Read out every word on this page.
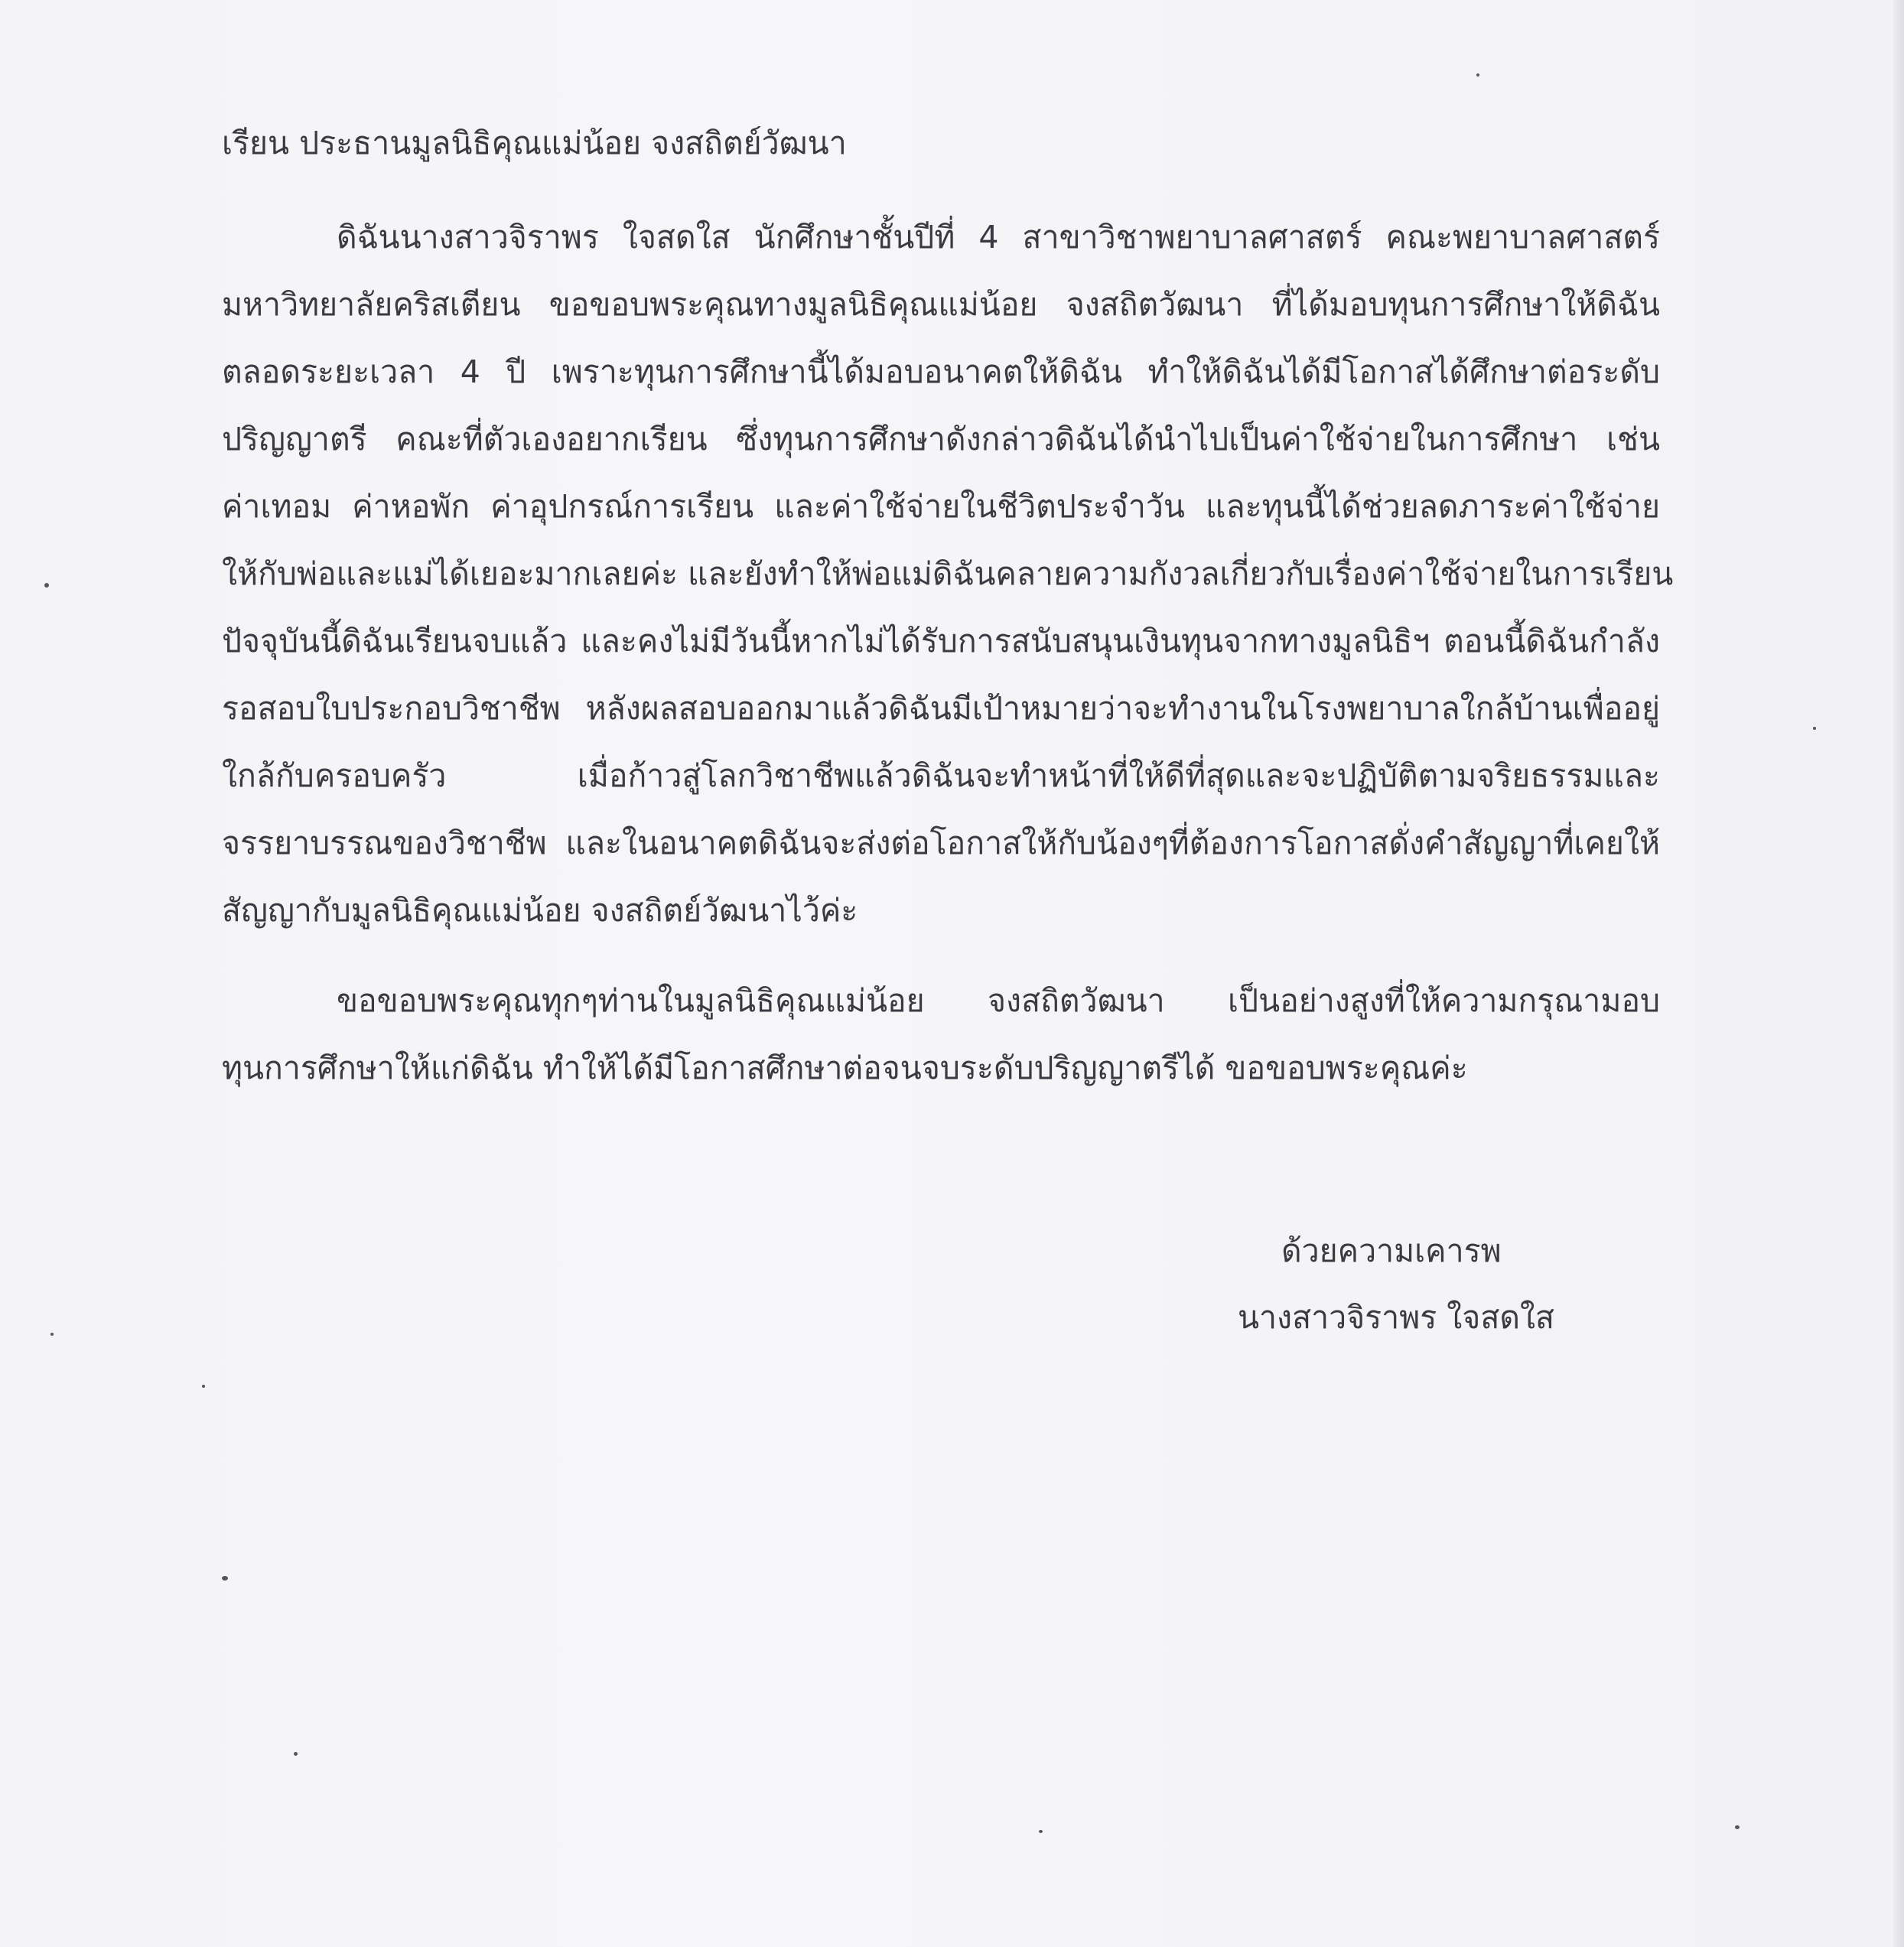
เรียน ประธานมูลนิธิคุณแม่น้อย จงสถิตย์วัฒนา
ดิฉันนางสาวจิราพร ใจสดใส นักศึกษาชั้นปีที่ 4 สาขาวิชาพยาบาลศาสตร์ คณะพยาบาลศาสตร์
มหาวิทยาลัยคริสเตียน ขอขอบพระคุณทางมูลนิธิคุณแม่น้อย จงสถิตวัฒนา ที่ได้มอบทุนการศึกษาให้ดิฉัน
ตลอดระยะเวลา 4 ปี เพราะทุนการศึกษานี้ได้มอบอนาคตให้ดิฉัน ทำให้ดิฉันได้มีโอกาสได้ศึกษาต่อระดับ
ปริญญาตรี คณะที่ตัวเองอยากเรียน ซึ่งทุนการศึกษาดังกล่าวดิฉันได้นำไปเป็นค่าใช้จ่ายในการศึกษา เช่น
ค่าเทอม ค่าหอพัก ค่าอุปกรณ์การเรียน และค่าใช้จ่ายในชีวิตประจำวัน และทุนนี้ได้ช่วยลดภาระค่าใช้จ่าย
ให้กับพ่อและแม่ได้เยอะมากเลยค่ะ และยังทำให้พ่อแม่ดิฉันคลายความกังวลเกี่ยวกับเรื่องค่าใช้จ่ายในการเรียน
ปัจจุบันนี้ดิฉันเรียนจบแล้ว และคงไม่มีวันนี้หากไม่ได้รับการสนับสนุนเงินทุนจากทางมูลนิธิฯ ตอนนี้ดิฉันกำลัง
รอสอบใบประกอบวิชาชีพ หลังผลสอบออกมาแล้วดิฉันมีเป้าหมายว่าจะทำงานในโรงพยาบาลใกล้บ้านเพื่ออยู่
ใกล้กับครอบครัว เมื่อก้าวสู่โลกวิชาชีพแล้วดิฉันจะทำหน้าที่ให้ดีที่สุดและจะปฏิบัติตามจริยธรรมและ
จรรยาบรรณของวิชาชีพ และในอนาคตดิฉันจะส่งต่อโอกาสให้กับน้องๆที่ต้องการโอกาสดั่งคำสัญญาที่เคยให้
สัญญากับมูลนิธิคุณแม่น้อย จงสถิตย์วัฒนาไว้ค่ะ
ขอขอบพระคุณทุกๆท่านในมูลนิธิคุณแม่น้อย จงสถิตวัฒนา เป็นอย่างสูงที่ให้ความกรุณามอบ
ทุนการศึกษาให้แก่ดิฉัน ทำให้ได้มีโอกาสศึกษาต่อจนจบระดับปริญญาตรีได้ ขอขอบพระคุณค่ะ
ด้วยความเคารพ
นางสาวจิราพร ใจสดใส
